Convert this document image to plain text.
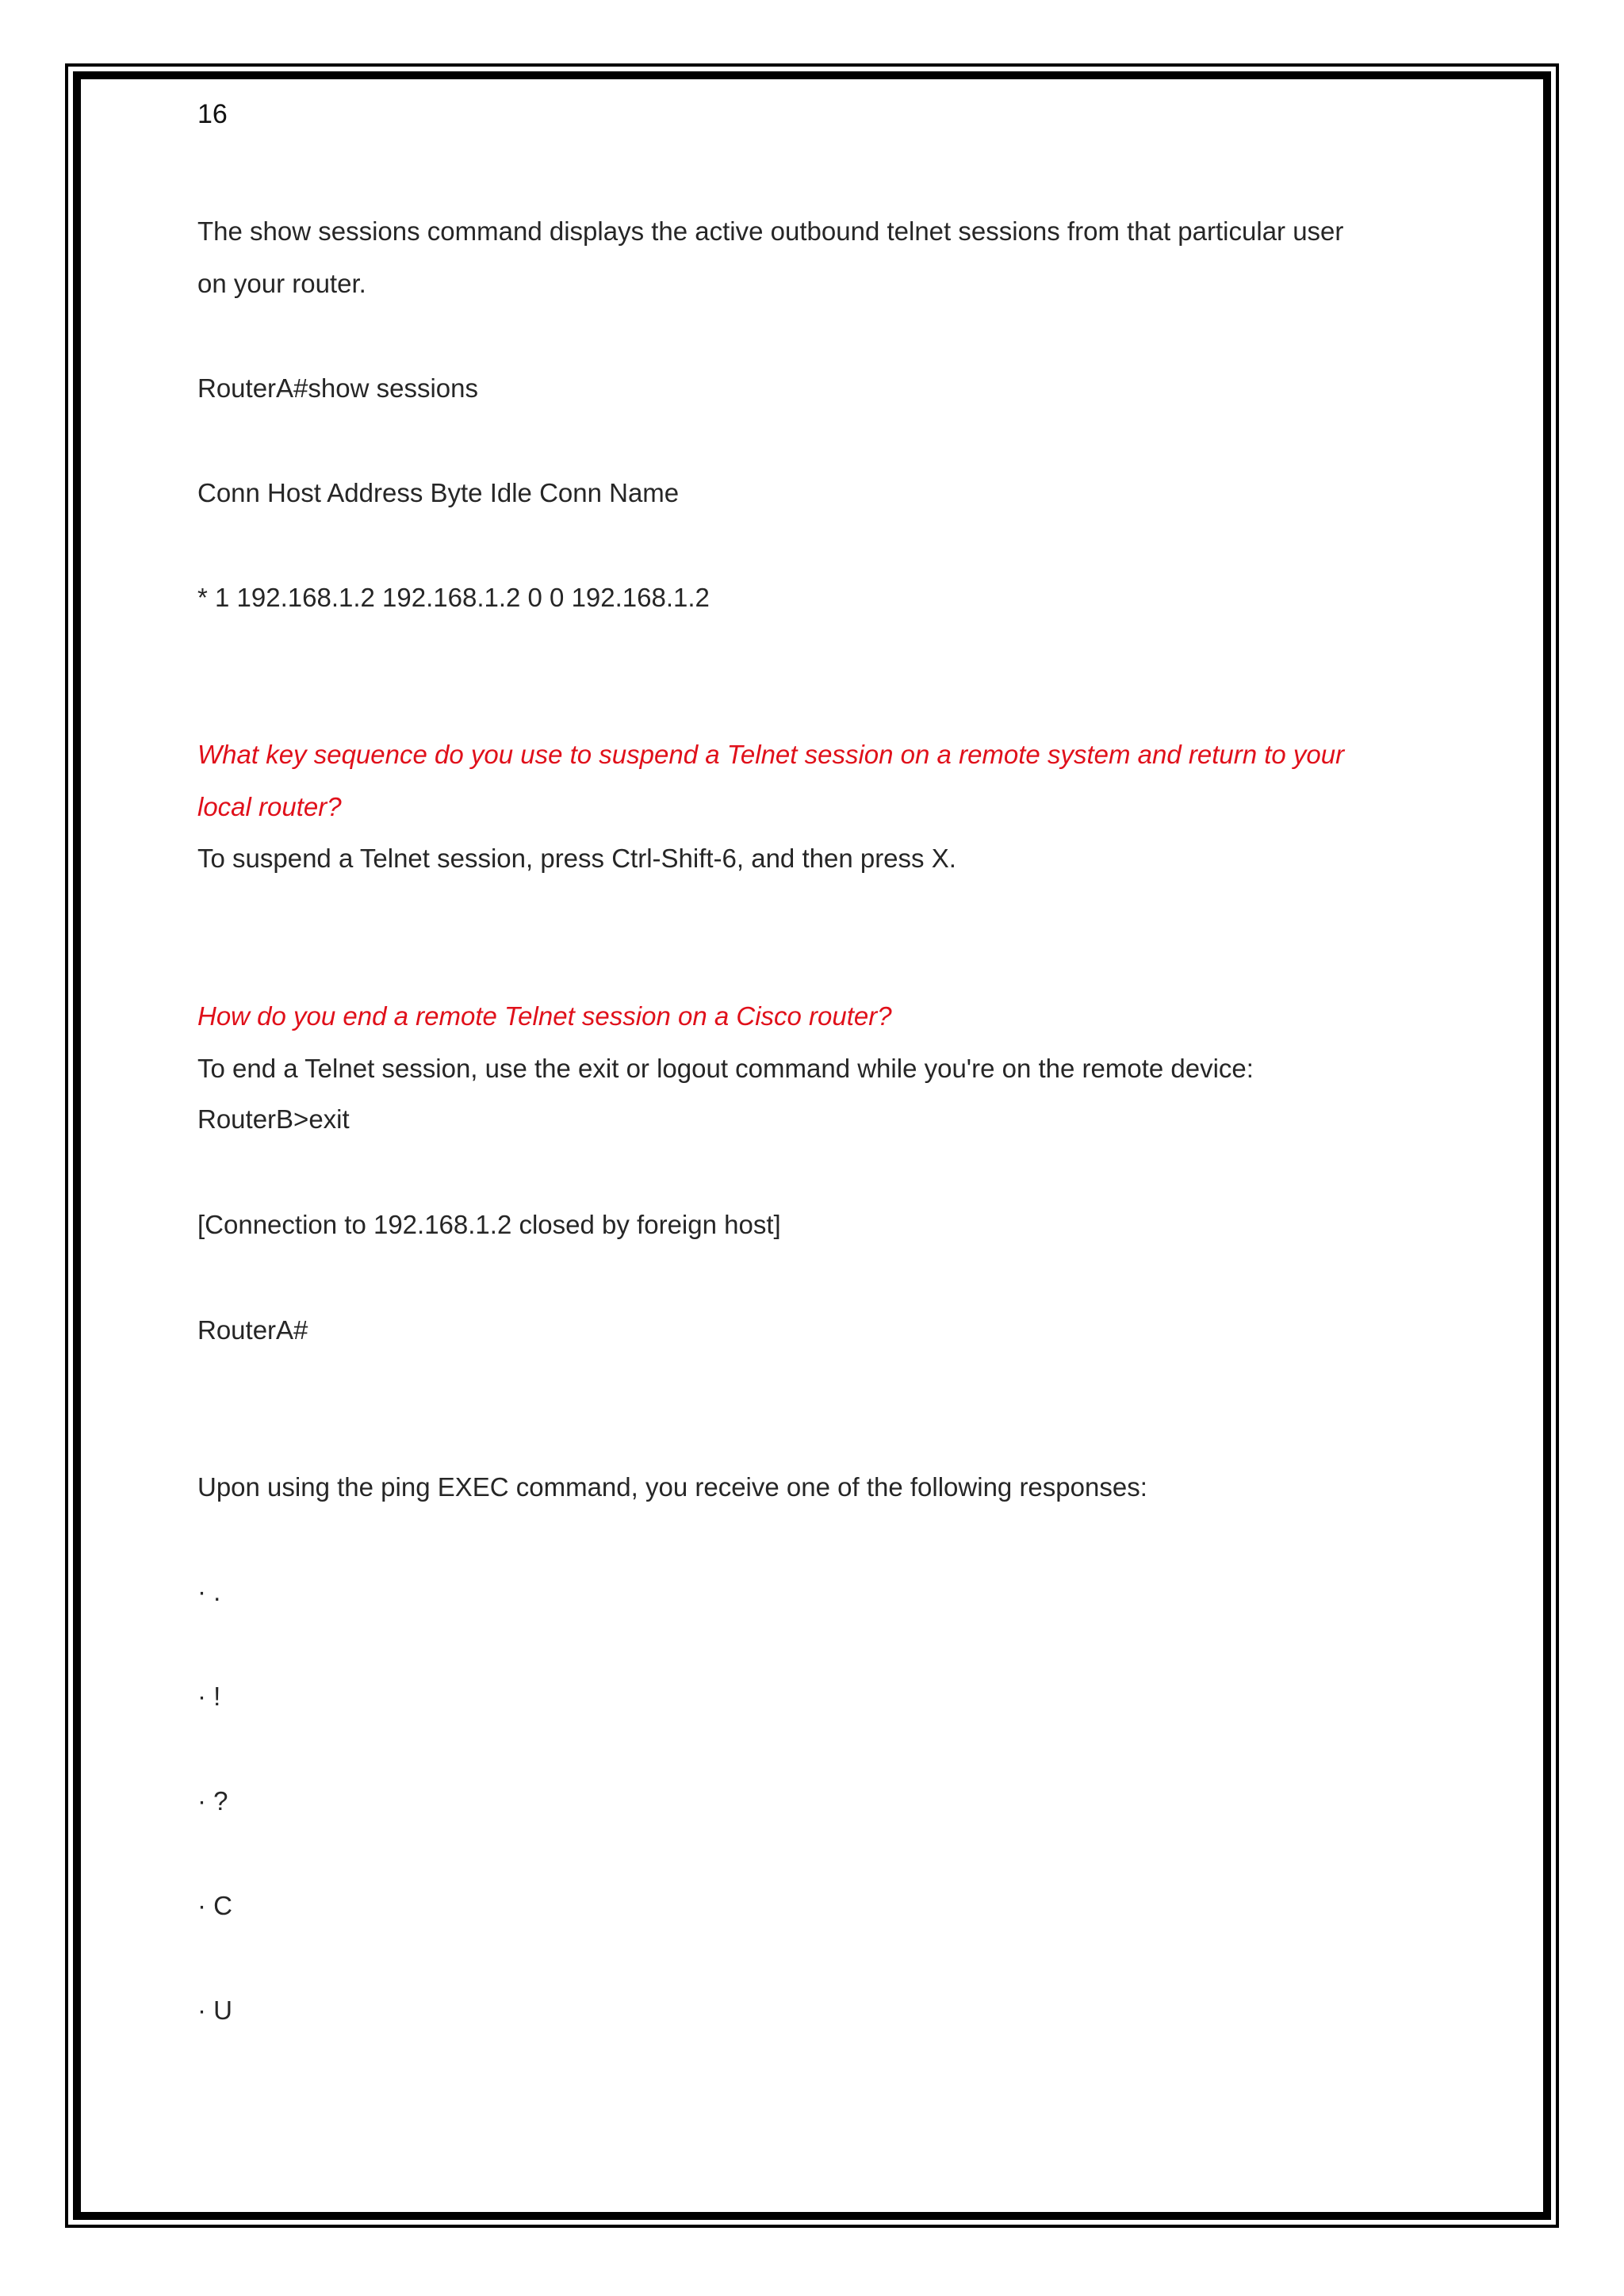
16

The show sessions command displays the active outbound telnet sessions from that particular user

on your router.

RouterA#show sessions

Conn Host Address Byte Idle Conn Name

* 1 192.168.1.2 192.168.1.2 0 0 192.168.1.2

What key sequence do you use to suspend a Telnet session on a remote system and return to your

local router?

To suspend a Telnet session, press Ctrl-Shift-6, and then press X.

How do you end a remote Telnet session on a Cisco router?

To end a Telnet session, use the exit or logout command while you're on the remote device:

RouterB>exit

[Connection to 192.168.1.2 closed by foreign host]

RouterA#

Upon using the ping EXEC command, you receive one of the following responses:

· .

· !

· ?

· C

· U
